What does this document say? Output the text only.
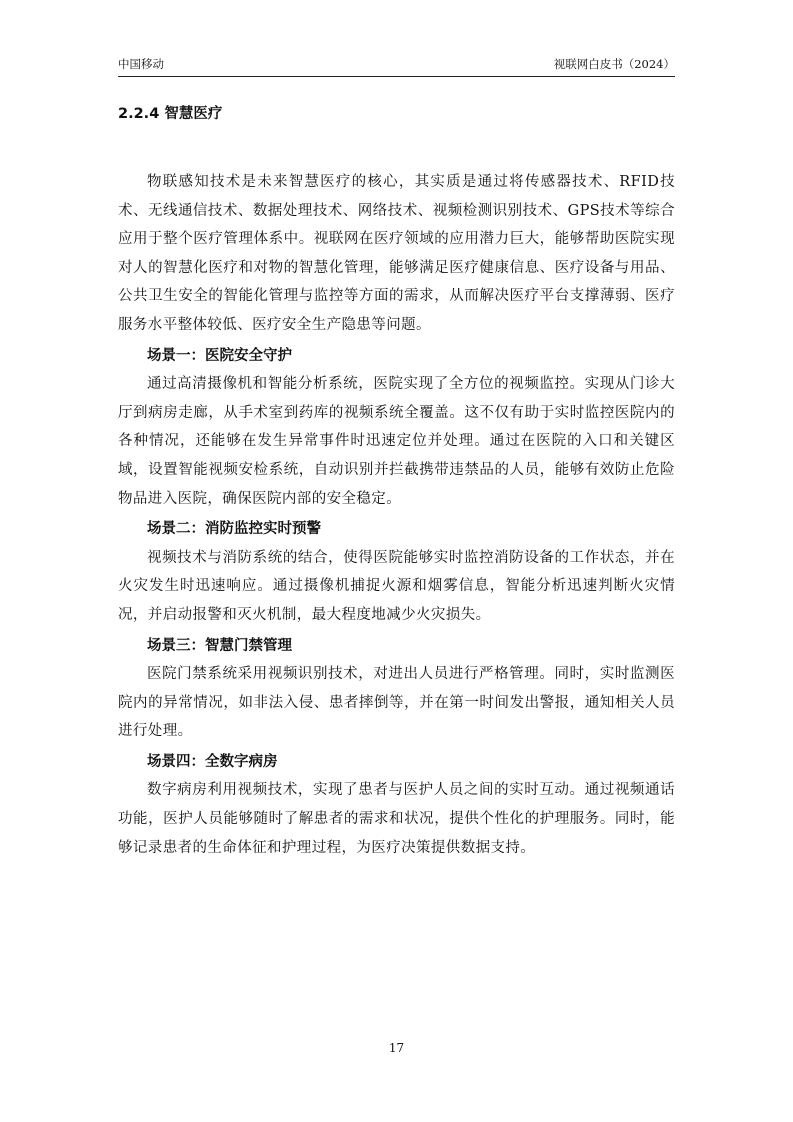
中国移动	视联网白皮书（2024）
2.2.4 智慧医疗

物联感知技术是未来智慧医疗的核心，其实质是通过将传感器技术、RFID技术、无线通信技术、数据处理技术、网络技术、视频检测识别技术、GPS技术等综合应用于整个医疗管理体系中。视联网在医疗领域的应用潜力巨大，能够帮助医院实现对人的智慧化医疗和对物的智慧化管理，能够满足医疗健康信息、医疗设备与用品、公共卫生安全的智能化管理与监控等方面的需求，从而解决医疗平台支撑薄弱、医疗服务水平整体较低、医疗安全生产隐患等问题。

场景一：医院安全守护

通过高清摄像机和智能分析系统，医院实现了全方位的视频监控。实现从门诊大厅到病房走廊，从手术室到药库的视频系统全覆盖。这不仅有助于实时监控医院内的各种情况，还能够在发生异常事件时迅速定位并处理。通过在医院的入口和关键区域，设置智能视频安检系统，自动识别并拦截携带违禁品的人员，能够有效防止危险物品进入医院，确保医院内部的安全稳定。

场景二：消防监控实时预警

视频技术与消防系统的结合，使得医院能够实时监控消防设备的工作状态，并在火灾发生时迅速响应。通过摄像机捕捉火源和烟雾信息，智能分析迅速判断火灾情况，并启动报警和灭火机制，最大程度地减少火灾损失。

场景三：智慧门禁管理

医院门禁系统采用视频识别技术，对进出人员进行严格管理。同时，实时监测医院内的异常情况，如非法入侵、患者摔倒等，并在第一时间发出警报，通知相关人员进行处理。

场景四：全数字病房

数字病房利用视频技术，实现了患者与医护人员之间的实时互动。通过视频通话功能，医护人员能够随时了解患者的需求和状况，提供个性化的护理服务。同时，能够记录患者的生命体征和护理过程，为医疗决策提供数据支持。

17
